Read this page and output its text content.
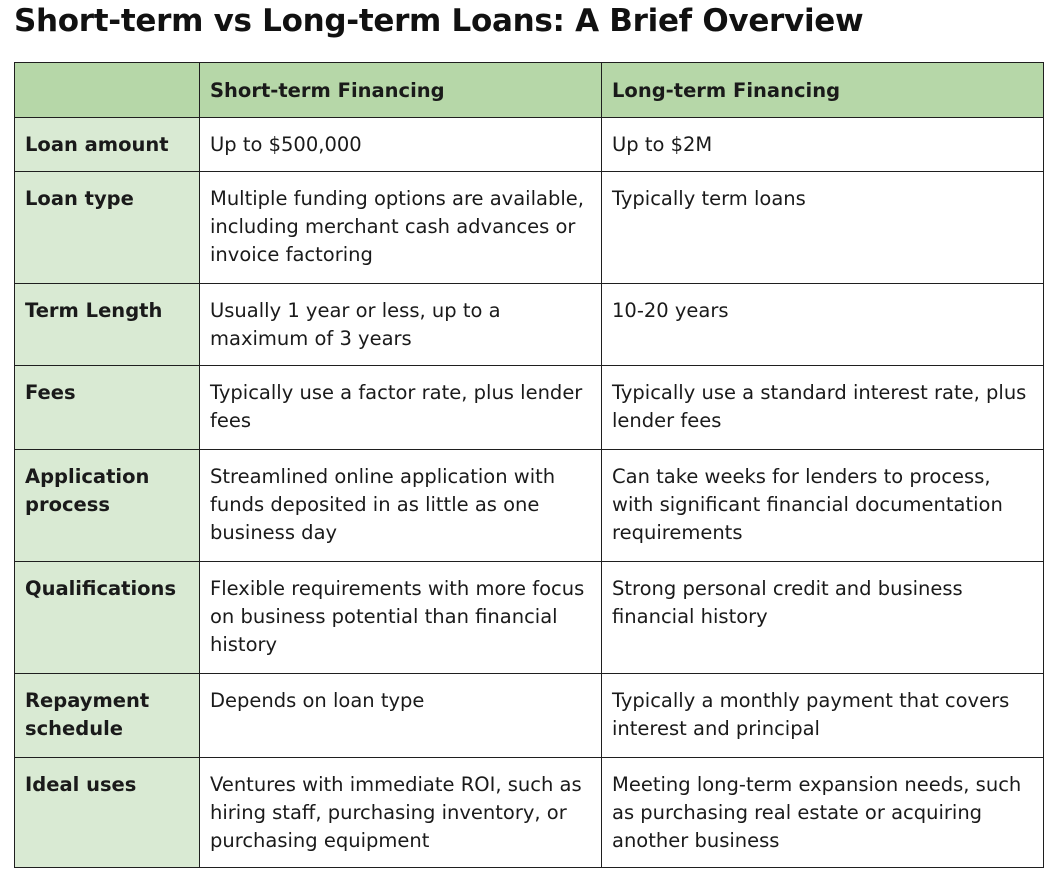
Short-term vs Long-term Loans: A Brief Overview
	Short-term Financing	Long-term Financing
Loan amount	Up to $500,000	Up to $2M
Loan type	Multiple funding options are available, including merchant cash advances or invoice factoring	Typically term loans
Term Length	Usually 1 year or less, up to a maximum of 3 years	10-20 years
Fees	Typically use a factor rate, plus lender fees	Typically use a standard interest rate, plus lender fees
Application process	Streamlined online application with funds deposited in as little as one business day	Can take weeks for lenders to process, with significant financial documentation requirements
Qualifications	Flexible requirements with more focus on business potential than financial history	Strong personal credit and business financial history
Repayment schedule	Depends on loan type	Typically a monthly payment that covers interest and principal
Ideal uses	Ventures with immediate ROI, such as hiring staff, purchasing inventory, or purchasing equipment	Meeting long-term expansion needs, such as purchasing real estate or acquiring another business
